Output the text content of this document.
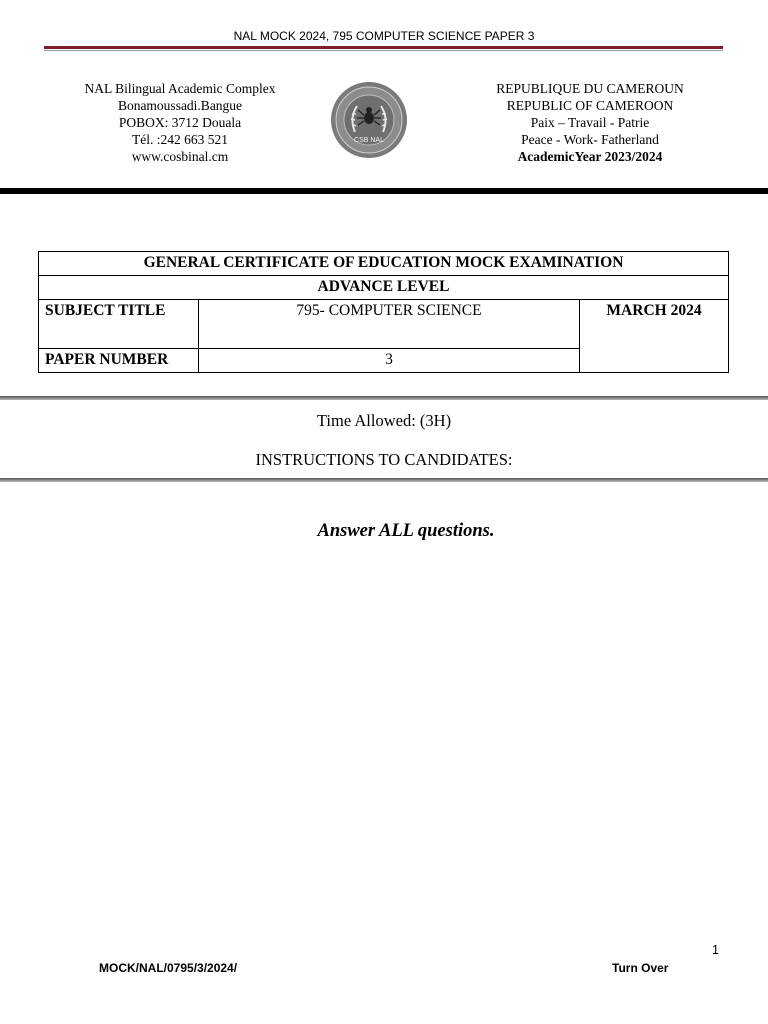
NAL MOCK 2024, 795 COMPUTER SCIENCE PAPER 3
NAL Bilingual Academic Complex
Bonamoussadi.Bangue
POBOX: 3712 Douala
Tél. :242 663 521
www.cosbinal.cm
CSB NAL
REPUBLIQUE DU CAMEROUN
REPUBLIC OF CAMEROON
Paix – Travail - Patrie
Peace - Work- Fatherland
AcademicYear 2023/2024
GENERAL CERTIFICATE OF EDUCATION MOCK EXAMINATION		
ADVANCE LEVEL		
SUBJECT TITLE	795- COMPUTER SCIENCE	MARCH 2024
PAPER NUMBER	3	
Time Allowed: (3H)
INSTRUCTIONS TO CANDIDATES:
Answer ALL questions.
1
MOCK/NAL/0795/3/2024/	Turn Over
